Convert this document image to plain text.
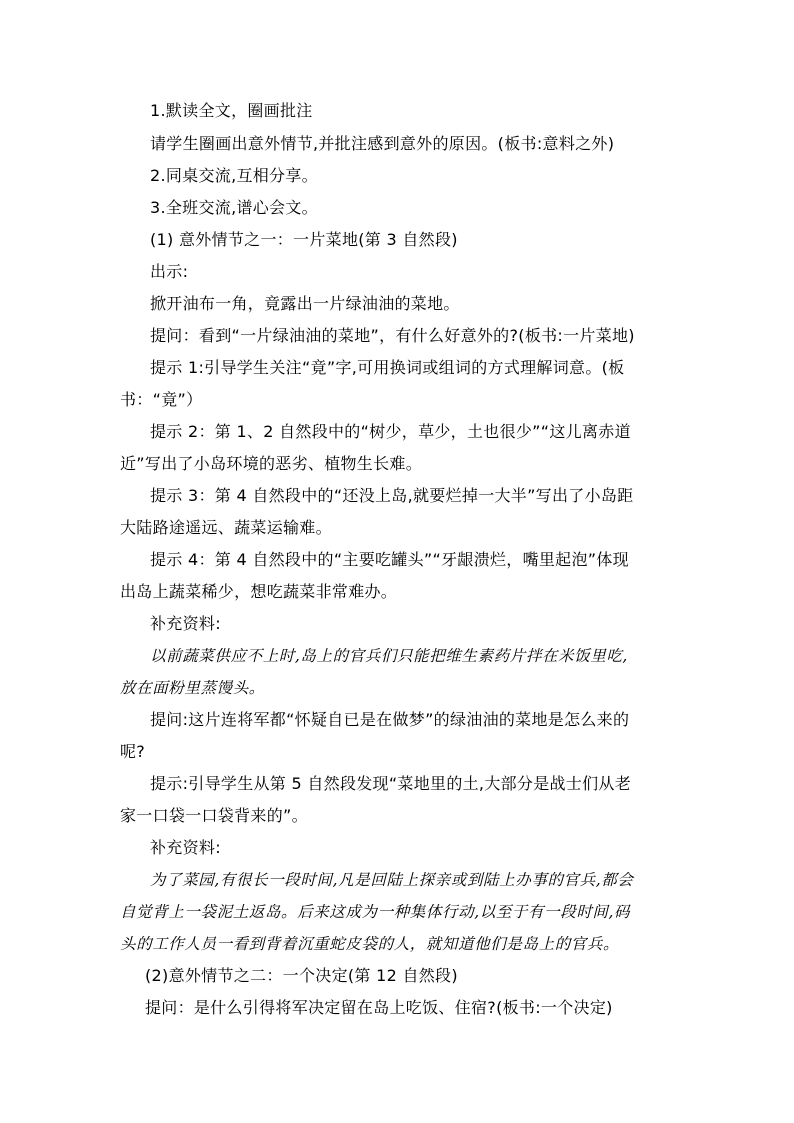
1.默读全文，圈画批注
请学生圈画出意外情节,并批注感到意外的原因。(板书:意料之外)
2.同桌交流,互相分享。
3.全班交流,谱心会文。
(1) 意外情节之一：一片菜地(第 3 自然段)
出示:
掀开油布一角，竟露出一片绿油油的菜地。
提问：看到“一片绿油油的菜地”，有什么好意外的?(板书:一片菜地)
提示 1:引导学生关注“竟”字,可用换词或组词的方式理解词意。(板
书：“竟”）
提示 2：第 1、2 自然段中的“树少，草少，土也很少”“这儿离赤道
近”写出了小岛环境的恶劣、植物生长难。
提示 3：第 4 自然段中的“还没上岛,就要烂掉一大半”写出了小岛距
大陆路途遥远、蔬菜运输难。
提示 4：第 4 自然段中的“主要吃罐头”“牙龈溃烂，嘴里起泡”体现
出岛上蔬菜稀少，想吃蔬菜非常难办。
补充资料:
以前蔬菜供应不上时,岛上的官兵们只能把维生素药片拌在米饭里吃,
放在面粉里蒸馒头。
提问:这片连将军都“怀疑自已是在做梦”的绿油油的菜地是怎么来的
呢?
提示:引导学生从第 5 自然段发现“菜地里的土,大部分是战士们从老
家一口袋一口袋背来的”。
补充资料:
为了菜园,有很长一段时间,凡是回陆上探亲或到陆上办事的官兵,都会
自觉背上一袋泥土返岛。后来这成为一种集体行动,以至于有一段时间,码
头的工作人员一看到背着沉重蛇皮袋的人，就知道他们是岛上的官兵。
(2)意外情节之二：一个决定(第 12 自然段)
提问：是什么引得将军决定留在岛上吃饭、住宿?(板书:一个决定)
